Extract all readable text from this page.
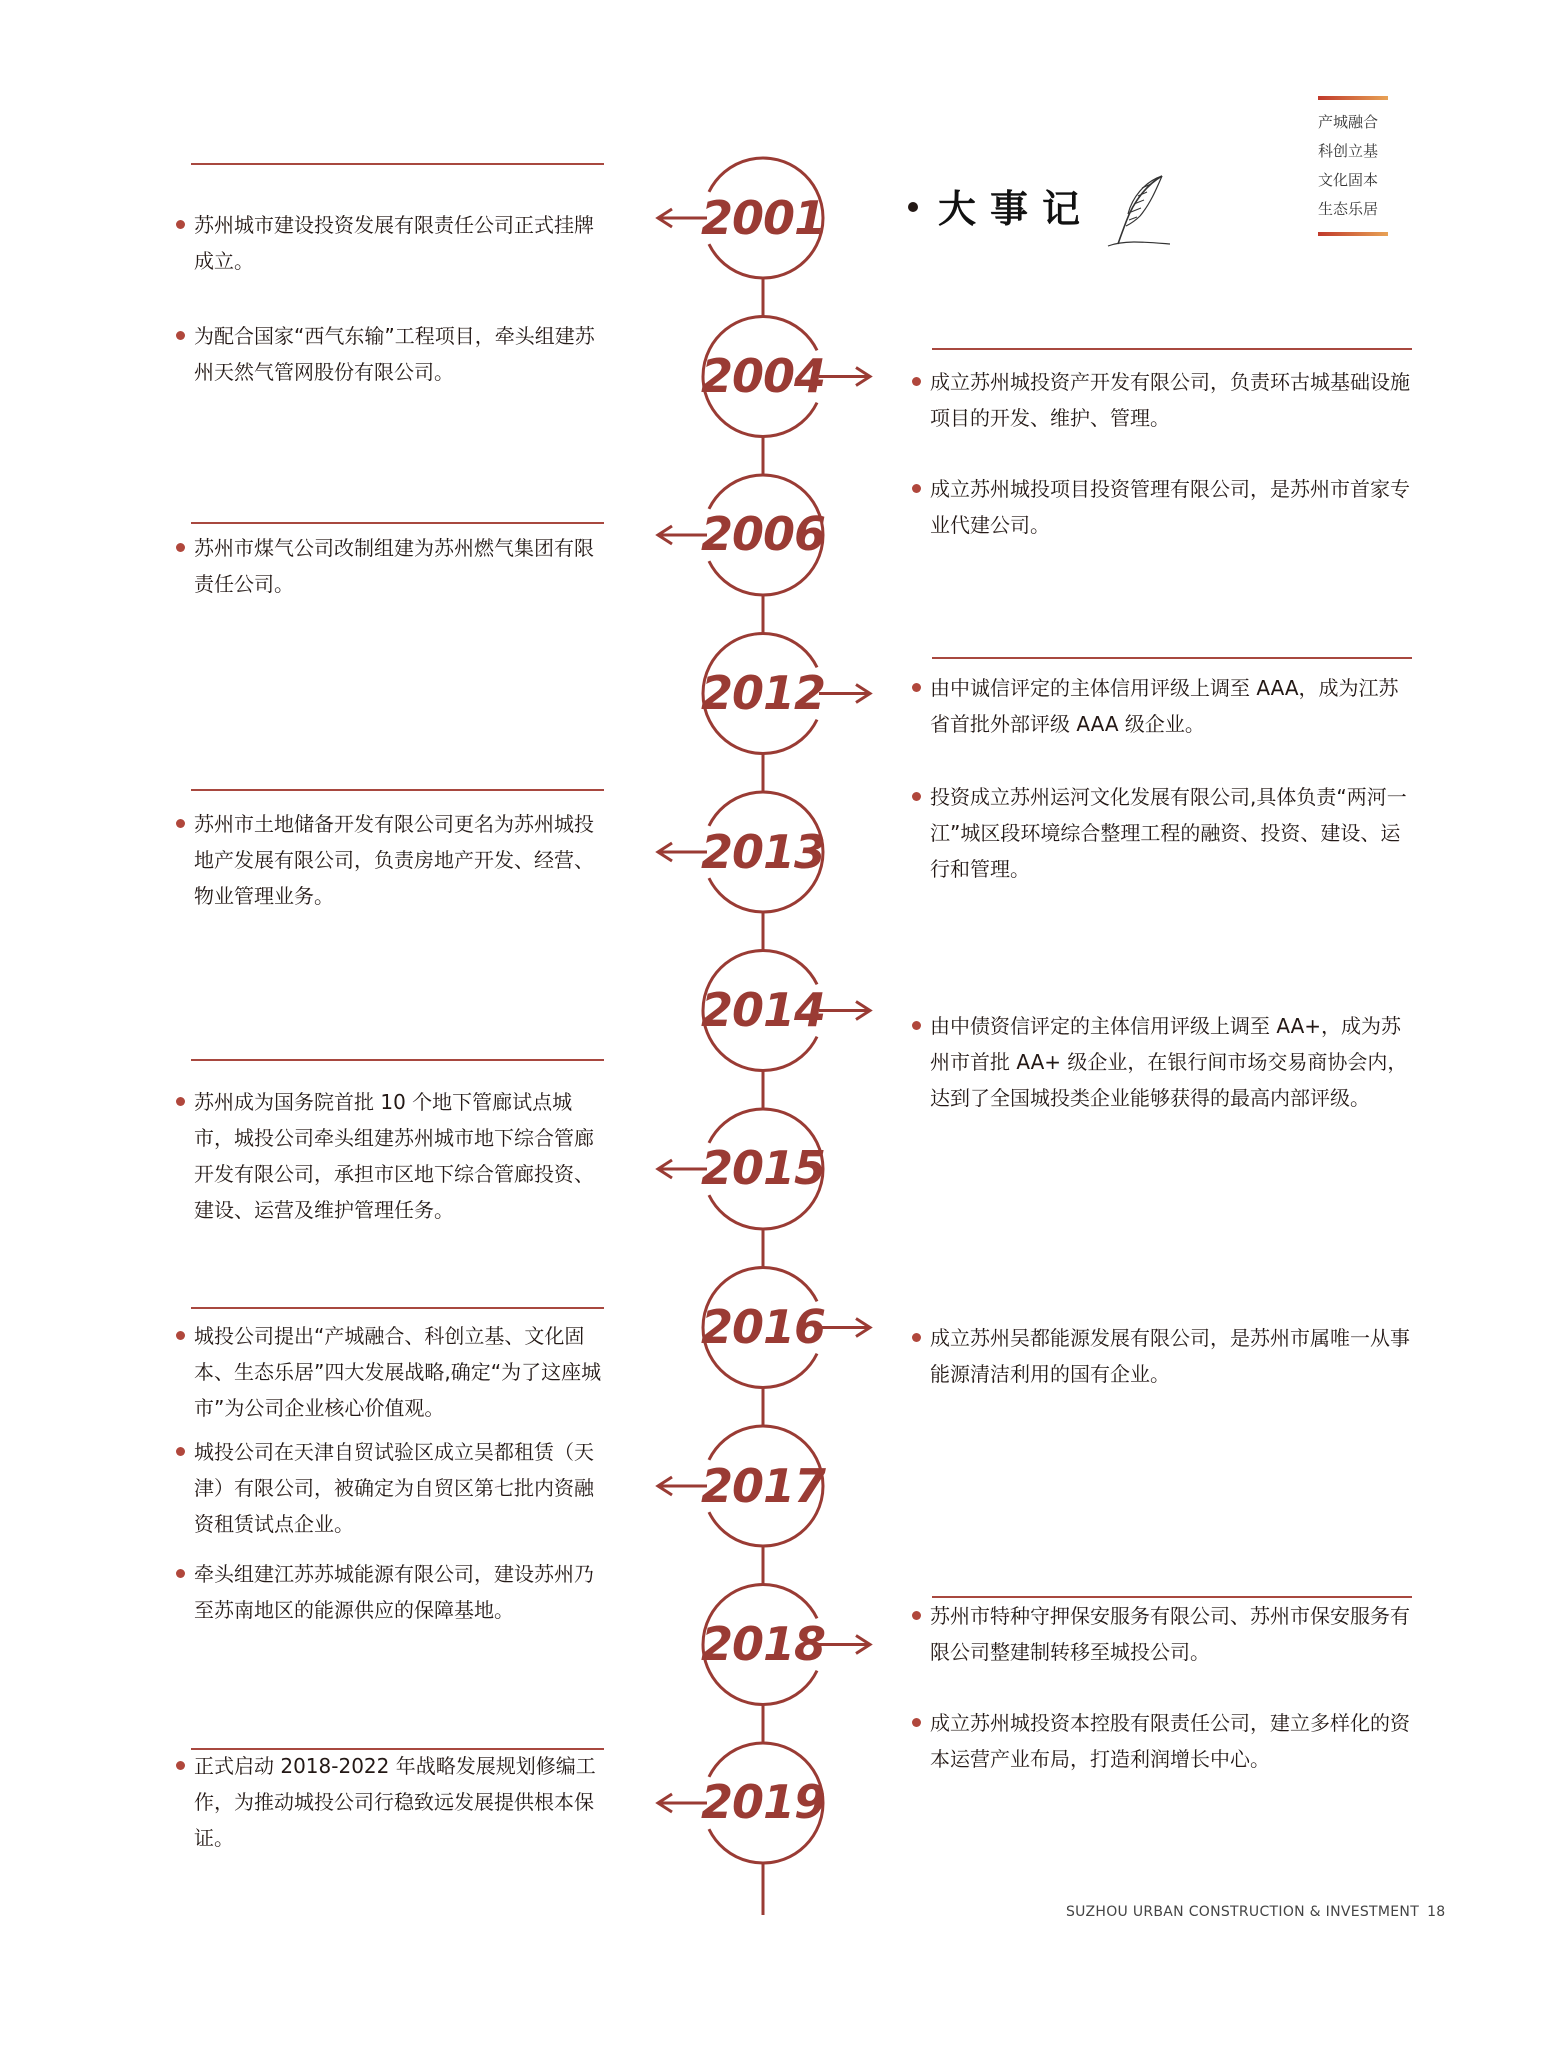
大事记
产城融合
科创立基
文化固本
生态乐居
2001
2004
2006
2012
2013
2014
2015
2016
2017
2018
2019
苏州城市建设投资发展有限责任公司正式挂牌成立。
为配合国家“西气东输”工程项目，牵头组建苏州天然气管网股份有限公司。
苏州市煤气公司改制组建为苏州燃气集团有限责任公司。
苏州市土地储备开发有限公司更名为苏州城投地产发展有限公司，负责房地产开发、经营、物业管理业务。
苏州成为国务院首批 10 个地下管廊试点城市，城投公司牵头组建苏州城市地下综合管廊开发有限公司，承担市区地下综合管廊投资、建设、运营及维护管理任务。
城投公司提出“产城融合、科创立基、文化固本、生态乐居”四大发展战略,确定“为了这座城市”为公司企业核心价值观。
城投公司在天津自贸试验区成立吴都租赁（天津）有限公司，被确定为自贸区第七批内资融资租赁试点企业。
牵头组建江苏苏城能源有限公司，建设苏州乃至苏南地区的能源供应的保障基地。
正式启动 2018-2022 年战略发展规划修编工作，为推动城投公司行稳致远发展提供根本保证。
成立苏州城投资产开发有限公司，负责环古城基础设施项目的开发、维护、管理。
成立苏州城投项目投资管理有限公司，是苏州市首家专业代建公司。
由中诚信评定的主体信用评级上调至 AAA，成为江苏省首批外部评级 AAA 级企业。
投资成立苏州运河文化发展有限公司,具体负责“两河一江”城区段环境综合整理工程的融资、投资、建设、运行和管理。
由中债资信评定的主体信用评级上调至 AA+，成为苏州市首批 AA+ 级企业，在银行间市场交易商协会内，达到了全国城投类企业能够获得的最高内部评级。
成立苏州吴都能源发展有限公司，是苏州市属唯一从事能源清洁利用的国有企业。
苏州市特种守押保安服务有限公司、苏州市保安服务有限公司整建制转移至城投公司。
成立苏州城投资本控股有限责任公司，建立多样化的资本运营产业布局，打造利润增长中心。
SUZHOU URBAN CONSTRUCTION & INVESTMENT 18
